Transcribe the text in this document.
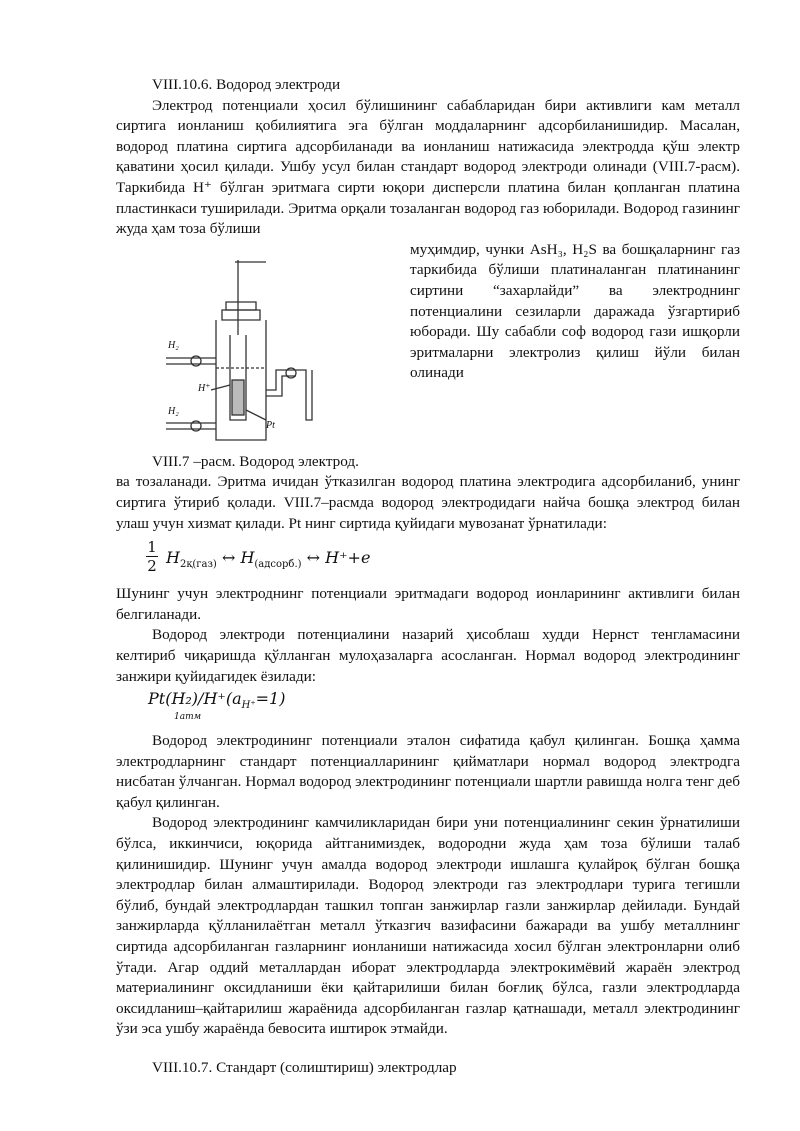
VIII.10.6. Водород электроди

Электрод потенциали ҳосил бўлишининг сабабларидан бири активлиги кам металл сиртига ионланиш қобилиятига эга бўлган моддаларнинг адсорбиланишидир. Масалан, водород платина сиртига адсорбиланади ва ионланиш натижасида электродда қўш электр қаватини ҳосил қилади. Ушбу усул билан стандарт водород электроди олинади (VIII.7-расм). Таркибида H⁺ бўлган эритмага сирти юқори дисперсли платина билан қопланган платина пластинкаси туширилади. Эритма орқали тозаланган водород газ юборилади. Водород газининг жуда ҳам тоза бўлиши

H₂
H₂
H⁺
Pt

муҳимдир, чунки AsH₃, H₂S ва бошқаларнинг газ таркибида бўлиши платиналанган платинанинг сиртини “захарлайди” ва электроднинг потенциалини сезиларли даражада ўзгартириб юборади. Шу сабабли соф водород гази ишқорли эритмаларни электролиз қилиш йўли билан олинади

VIII.7 –расм. Водород электрод.

ва тозаланади. Эритма ичидан ўтказилган водород платина электродига адсорбиланиб, унинг сиртига ўтириб қолади. VIII.7–расмда водород электродидаги найча бошқа электрод билан улаш учун хизмат қилади. Pt нинг сиртида қуйидаги мувозанат ўрнатилади:

1
2 $H_{2қ(газ)}$ ↔ $H_{(адсорб.)}$ ↔ H⁺+e

Шунинг учун электроднинг потенциали эритмадаги водород ионларининг активлиги билан белгиланади.

Водород электроди потенциалини назарий ҳисоблаш худди Нернст тенгламасини келтириб чиқаришда қўлланган мулоҳазаларга асосланган. Нормал водород электродининг занжири қуйидагидек ёзилади:

$Pt(H_2)/H^+(a_{H^+}=1)$
1атм

Водород электродининг потенциали эталон сифатида қабул қилинган. Бошқа ҳамма электродларнинг стандарт потенциалларининг қийматлари нормал водород электродга нисбатан ўлчанган. Нормал водород электродининг потенциали шартли равишда нолга тенг деб қабул қилинган.

Водород электродининг камчиликларидан бири уни потенциалининг секин ўрнатилиши бўлса, иккинчиси, юқорида айтганимиздек, водородни жуда ҳам тоза бўлиши талаб қилинишидир. Шунинг учун амалда водород электроди ишлашга қулайроқ бўлган бошқа электродлар билан алмаштирилади. Водород электроди газ электродлари турига тегишли бўлиб, бундай электродлардан ташкил топган занжирлар газли занжирлар дейилади. Бундай занжирларда қўлланилаётган металл ўтказгич вазифасини бажаради ва ушбу металлнинг сиртида адсорбиланган газларнинг ионланиши натижасида хосил бўлган электронларни олиб ўтади. Агар оддий металлардан иборат электродларда электрокимёвий жараён электрод материалининг оксидланиши ёки қайтарилиши билан боғлиқ бўлса, газли электродларда оксидланиш–қайтарилиш жараёнида адсорбиланган газлар қатнашади, металл электродининг ўзи эса ушбу жараёнда бевосита иштирок этмайди.

VIII.10.7. Стандарт (солиштириш) электродлар
